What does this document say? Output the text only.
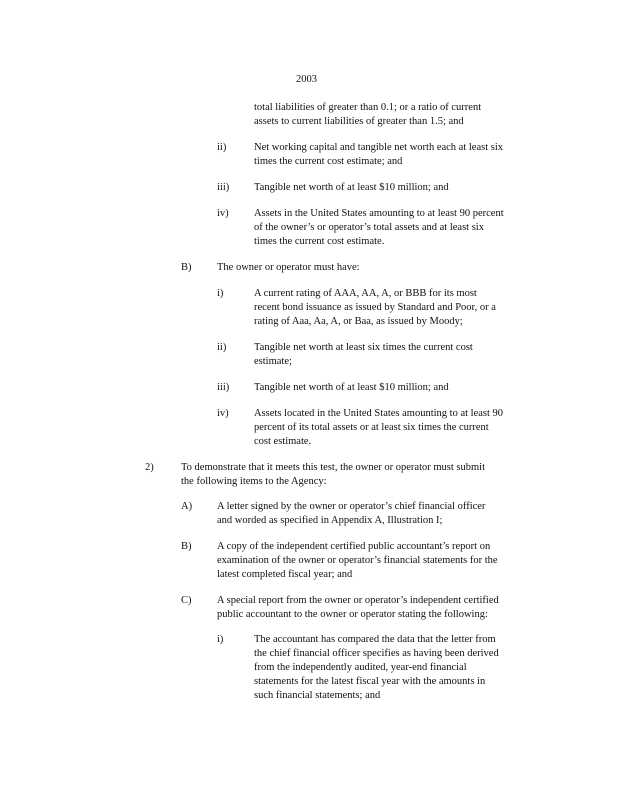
2003
total liabilities of greater than 0.1; or a ratio of current
assets to current liabilities of greater than 1.5; and
ii)	Net working capital and tangible net worth each at least six
times the current cost estimate; and
iii) Tangible net worth of at least $10 million; and
iv) Assets in the United States amounting to at least 90 percent
of the owner’s or operator’s total assets and at least six
times the current cost estimate.
B) The owner or operator must have:
i)	A current rating of AAA, AA, A, or BBB for its most
recent bond issuance as issued by Standard and Poor, or a
rating of Aaa, Aa, A, or Baa, as issued by Moody;
ii)	Tangible net worth at least six times the current cost
estimate;
iii) Tangible net worth of at least $10 million; and
iv) Assets located in the United States amounting to at least 90
percent of its total assets or at least six times the current
cost estimate.
2)	To demonstrate that it meets this test, the owner or operator must submit
the following items to the Agency:
A) A letter signed by the owner or operator’s chief financial officer
and worded as specified in Appendix A, Illustration I;
B) A copy of the independent certified public accountant’s report on
examination of the owner or operator’s financial statements for the
latest completed fiscal year; and
C) A special report from the owner or operator’s independent certified
public accountant to the owner or operator stating the following:
i)	The accountant has compared the data that the letter from
the chief financial officer specifies as having been derived
from the independently audited, year-end financial
statements for the latest fiscal year with the amounts in
such financial statements; and
